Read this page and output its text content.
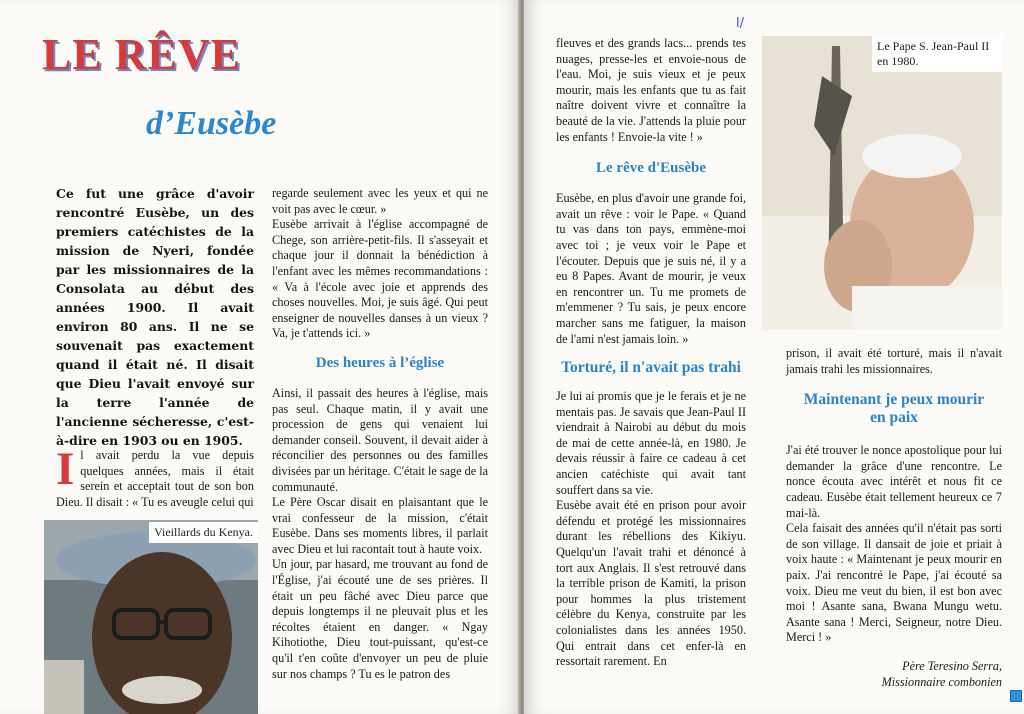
LE RÊVE
d’Eusèbe

Ce fut une grâce d'avoir rencontré Eusèbe, un des premiers catéchistes de la mission de Nyeri, fondée par les missionnaires de la Consolata au début des années 1900. Il avait environ 80 ans. Il ne se souvenait pas exactement quand il était né. Il disait que Dieu l'avait envoyé sur la terre l'année de l'ancienne sécheresse, c'est-à-dire en 1903 ou en 1905.

Il avait perdu la vue depuis quelques années, mais il était serein et acceptait tout de son bon Dieu. Il disait : « Tu es aveugle celui qui
Vieillards du Kenya.

regarde seulement avec les yeux et qui ne voit pas avec le cœur. »

Eusèbe arrivait à l'église accompagné de Chege, son arrière-petit-fils. Il s'asseyait et chaque jour il donnait la bénédiction à l'enfant avec les mêmes recommandations : « Va à l'école avec joie et apprends des choses nouvelles. Moi, je suis âgé. Qui peut enseigner de nouvelles danses à un vieux ? Va, je t'attends ici. »

Des heures à l’église

Ainsi, il passait des heures à l'église, mais pas seul. Chaque matin, il y avait une procession de gens qui venaient lui demander conseil. Souvent, il devait aider à réconcilier des personnes ou des familles divisées par un héritage. C'était le sage de la communauté.

Le Père Oscar disait en plaisantant que le vrai confesseur de la mission, c'était Eusèbe. Dans ses moments libres, il parlait avec Dieu et lui racontait tout à haute voix.

Un jour, par hasard, me trouvant au fond de l'Église, j'ai écouté une de ses prières. Il était un peu fâché avec Dieu parce que depuis longtemps il ne pleuvait plus et les récoltes étaient en danger. « Ngay Kihotiothe, Dieu tout-puissant, qu'est-ce qu'il t'en coûte d'envoyer un peu de pluie sur nos champs ? Tu es le patron des

l/

fleuves et des grands lacs... prends tes nuages, presse-les et envoie-nous de l'eau. Moi, je suis vieux et je peux mourir, mais les enfants que tu as fait naître doivent vivre et connaître la beauté de la vie. J'attends la pluie pour les enfants ! Envoie-la vite ! »

Le rêve d'Eusèbe

Eusèbe, en plus d'avoir une grande foi, avait un rêve : voir le Pape. « Quand tu vas dans ton pays, emmène-moi avec toi ; je veux voir le Pape et l'écouter. Depuis que je suis né, il y a eu 8 Papes. Avant de mourir, je veux en rencontrer un. Tu me promets de m'emmener ? Tu sais, je peux encore marcher sans me fatiguer, la maison de l'ami n'est jamais loin. »

Torturé, il n'avait pas trahi

Je lui ai promis que je le ferais et je ne mentais pas. Je savais que Jean-Paul II viendrait à Nairobi au début du mois de mai de cette année-là, en 1980. Je devais réussir à faire ce cadeau à cet ancien catéchiste qui avait tant souffert dans sa vie.

Eusèbe avait été en prison pour avoir défendu et protégé les missionnaires durant les rébellions des Kikiyu. Quelqu'un l'avait trahi et dénoncé à tort aux Anglais. Il s'est retrouvé dans la terrible prison de Kamiti, la prison pour hommes la plus tristement célèbre du Kenya, construite par les colonialistes dans les années 1950. Qui entrait dans cet enfer-là en ressortait rarement. En

Le Pape S. Jean-Paul II en 1980.

prison, il avait été torturé, mais il n'avait jamais trahi les missionnaires.

Maintenant je peux mourir en paix

J'ai été trouver le nonce apostolique pour lui demander la grâce d'une rencontre. Le nonce écouta avec intérêt et nous fit ce cadeau. Eusèbe était tellement heureux ce 7 mai-là.

Cela faisait des années qu'il n'était pas sorti de son village. Il dansait de joie et priait à voix haute : « Maintenant je peux mourir en paix. J'ai rencontré le Pape, j'ai écouté sa voix. Dieu me veut du bien, il est bon avec moi ! Asante sana, Bwana Mungu wetu. Asante sana ! Merci, Seigneur, notre Dieu. Merci ! »

Père Teresino Serra,

Missionnaire combonien
